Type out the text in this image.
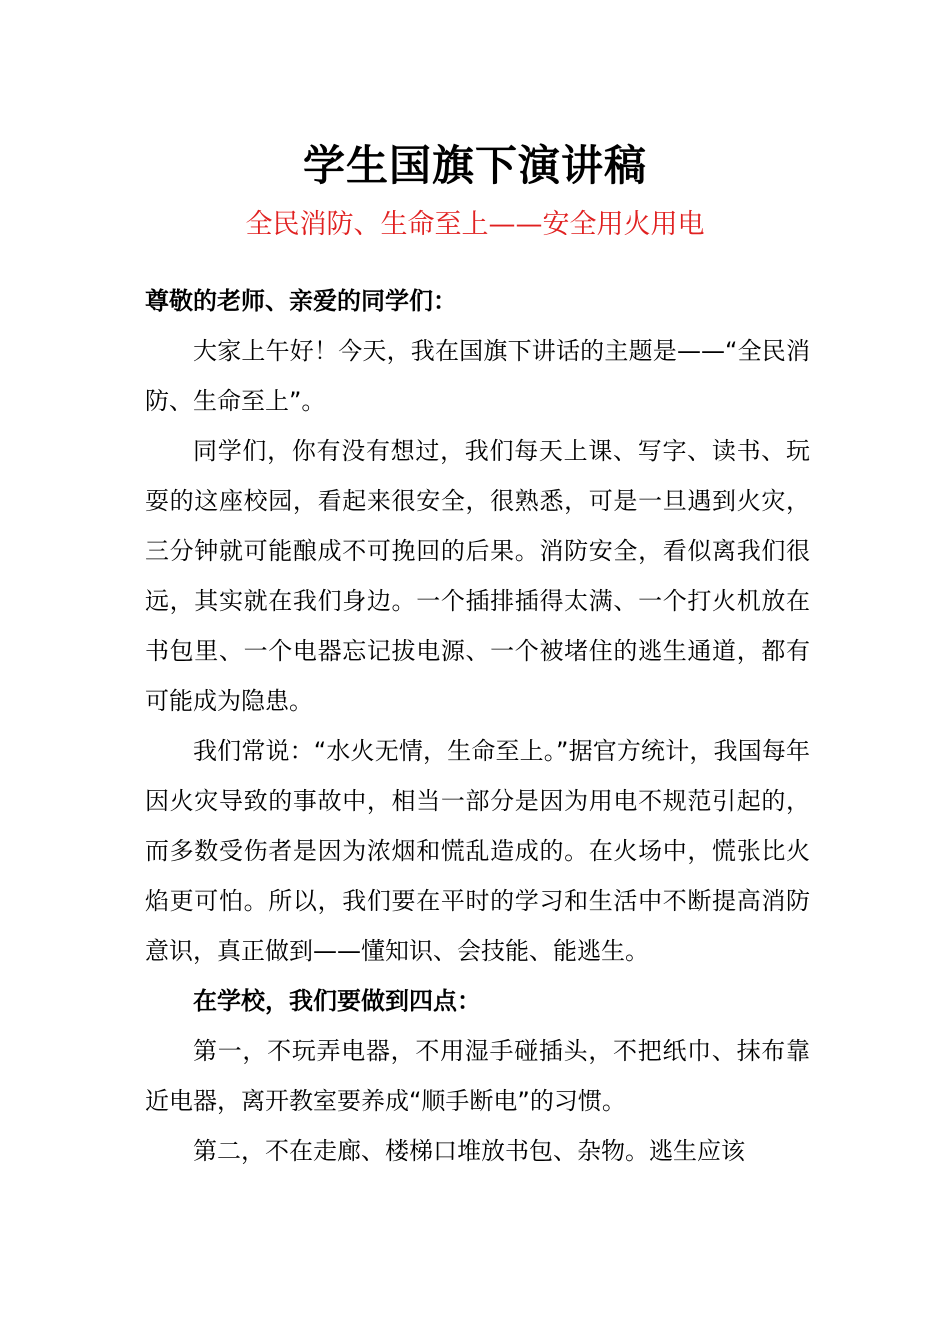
学生国旗下演讲稿
全民消防、生命至上——安全用火用电

尊敬的老师、亲爱的同学们：

大家上午好！今天，我在国旗下讲话的主题是——“全民消防、生命至上”。

同学们，你有没有想过，我们每天上课、写字、读书、玩耍的这座校园，看起来很安全，很熟悉，可是一旦遇到火灾，三分钟就可能酿成不可挽回的后果。消防安全，看似离我们很远，其实就在我们身边。一个插排插得太满、一个打火机放在书包里、一个电器忘记拔电源、一个被堵住的逃生通道，都有可能成为隐患。

我们常说：“水火无情，生命至上。”据官方统计，我国每年因火灾导致的事故中，相当一部分是因为用电不规范引起的，而多数受伤者是因为浓烟和慌乱造成的。在火场中，慌张比火焰更可怕。所以，我们要在平时的学习和生活中不断提高消防意识，真正做到——懂知识、会技能、能逃生。

在学校，我们要做到四点：

第一，不玩弄电器，不用湿手碰插头，不把纸巾、抹布靠近电器，离开教室要养成“顺手断电”的习惯。

第二，不在走廊、楼梯口堆放书包、杂物。逃生应该
